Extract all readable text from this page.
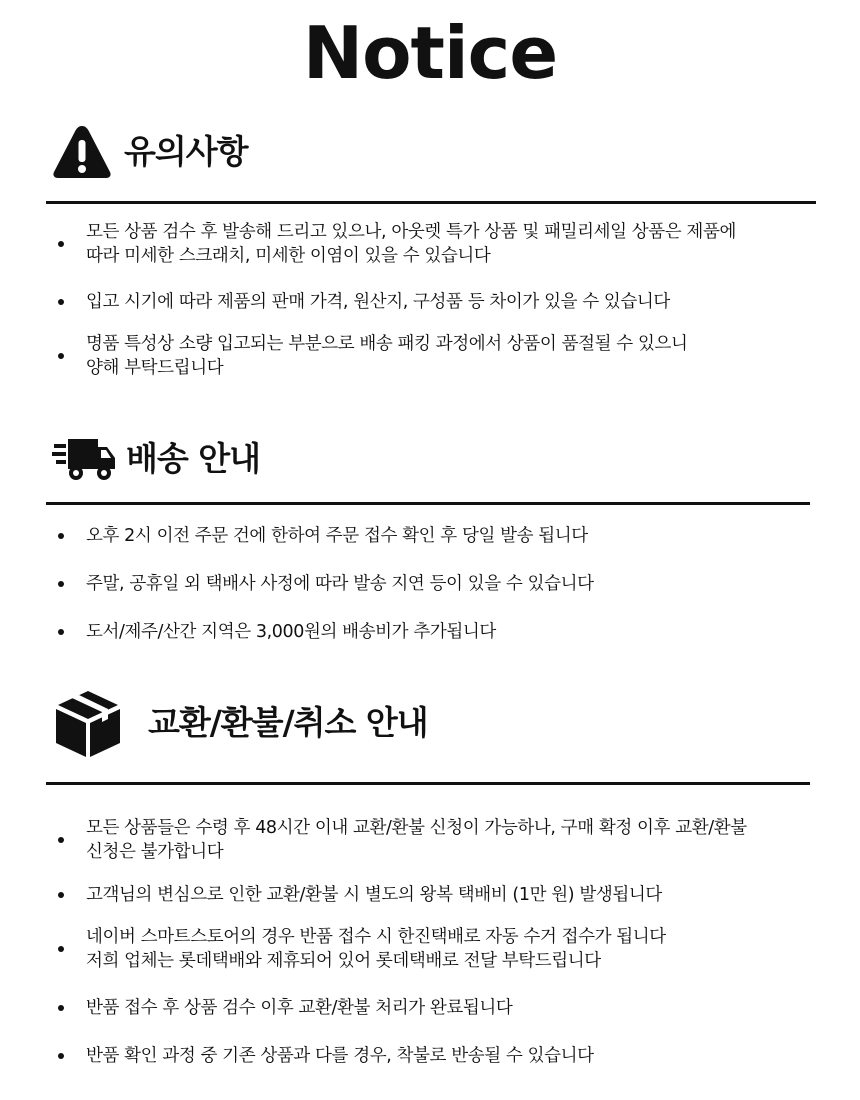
Notice
유의사항
모든 상품 검수 후 발송해 드리고 있으나, 아웃렛 특가 상품 및 패밀리세일 상품은 제품에
따라 미세한 스크래치, 미세한 이염이 있을 수 있습니다
입고 시기에 따라 제품의 판매 가격, 원산지, 구성품 등 차이가 있을 수 있습니다
명품 특성상 소량 입고되는 부분으로 배송 패킹 과정에서 상품이 품절될 수 있으니
양해 부탁드립니다
배송 안내
오후 2시 이전 주문 건에 한하여 주문 접수 확인 후 당일 발송 됩니다
주말, 공휴일 외 택배사 사정에 따라 발송 지연 등이 있을 수 있습니다
도서/제주/산간 지역은 3,000원의 배송비가 추가됩니다
교환/환불/취소 안내
모든 상품들은 수령 후 48시간 이내 교환/환불 신청이 가능하나, 구매 확정 이후 교환/환불
신청은 불가합니다
고객님의 변심으로 인한 교환/환불 시 별도의 왕복 택배비 (1만 원) 발생됩니다
네이버 스마트스토어의 경우 반품 접수 시 한진택배로 자동 수거 접수가 됩니다
저희 업체는 롯데택배와 제휴되어 있어 롯데택배로 전달 부탁드립니다
반품 접수 후 상품 검수 이후 교환/환불 처리가 완료됩니다
반품 확인 과정 중 기존 상품과 다를 경우, 착불로 반송될 수 있습니다
